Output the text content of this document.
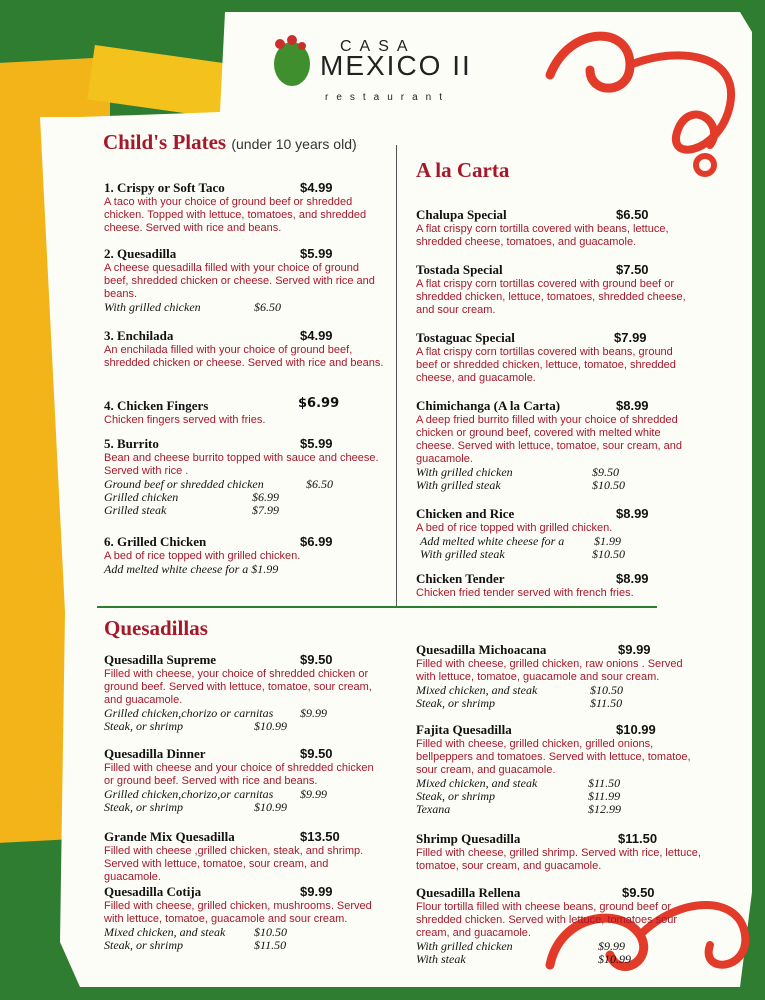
CASA
MEXICO II
restaurant
Child's Plates (under 10 years old)
1. Crispy or Soft Taco	$4.99
A taco with your choice of ground beef or shredded chicken. Topped with lettuce, tomatoes, and shredded cheese. Served with rice and beans.
2. Quesadilla	$5.99
A cheese quesadilla filled with your choice of ground beef, shredded chicken or cheese. Served with rice and beans.
With grilled chicken	$6.50
3. Enchilada	$4.99
An enchilada filled with your choice of ground beef, shredded chicken or cheese. Served with rice and beans.
4. Chicken Fingers	$6.99
Chicken fingers served with fries.
5. Burrito	$5.99
Bean and cheese burrito topped with sauce and cheese. Served with rice .
Ground beef or shredded chicken	$6.50
Grilled chicken	$6.99
Grilled steak	$7.99
6. Grilled Chicken	$6.99
A bed of rice topped with grilled chicken.
Add melted white cheese for a $1.99
A la Carta
Chalupa Special	$6.50
A flat crispy corn tortilla covered with beans, lettuce, shredded cheese, tomatoes, and guacamole.
Tostada Special	$7.50
A flat crispy corn tortillas covered with ground beef or shredded chicken, lettuce, tomatoes, shredded cheese, and sour cream.
Tostaguac Special	$7.99
A flat crispy corn tortillas covered with beans, ground beef or shredded chicken, lettuce, tomatoe, shredded cheese, and guacamole.
Chimichanga (A la Carta)	$8.99
A deep fried burrito filled with your choice of shredded chicken or ground beef, covered with melted white cheese. Served with lettuce, tomatoe, sour cream, and guacamole.
With grilled chicken	$9.50
With grilled steak	$10.50
Chicken and Rice	$8.99
A bed of rice topped with grilled chicken.
Add melted white cheese for a $1.99
With grilled steak	$10.50
Chicken Tender	$8.99
Chicken fried tender served with french fries.
Quesadillas
Quesadilla Supreme	$9.50
Filled with cheese, your choice of shredded chicken or ground beef. Served with lettuce, tomatoe, sour cream, and guacamole.
Grilled chicken,chorizo or carnitas $9.99
Steak, or shrimp	$10.99
Quesadilla Dinner	$9.50
Filled with cheese and your choice of shredded chicken or ground beef. Served with rice and beans.
Grilled chicken,chorizo,or carnitas $9.99
Steak, or shrimp	$10.99
Grande Mix Quesadilla	$13.50
Filled with cheese ,grilled chicken, steak, and shrimp. Served with lettuce, tomatoe, sour cream, and guacamole.
Quesadilla Cotija	$9.99
Filled with cheese, grilled chicken, mushrooms. Served with lettuce, tomatoe, guacamole and sour cream.
Mixed chicken, and steak $10.50
Steak, or shrimp	$11.50
Quesadilla Michoacana	$9.99
Filled with cheese, grilled chicken, raw onions . Served with lettuce, tomatoe, guacamole and sour cream.
Mixed chicken, and steak	$10.50
Steak, or shrimp	$11.50
Fajita Quesadilla	$10.99
Filled with cheese, grilled chicken, grilled onions, bellpeppers and tomatoes. Served with lettuce, tomatoe, sour cream, and guacamole.
Mixed chicken, and steak	$11.50
Steak, or shrimp	$11.99
Texana	$12.99
Shrimp Quesadilla	$11.50
Filled with cheese, grilled shrimp. Served with rice, lettuce, tomatoe, sour cream, and guacamole.
Quesadilla Rellena	$9.50
Flour tortilla filled with cheese beans, ground beef or shredded chicken. Served with lettuce, tomatoes sour cream, and guacamole.
With grilled chicken	$9.99
With steak	$10.99
